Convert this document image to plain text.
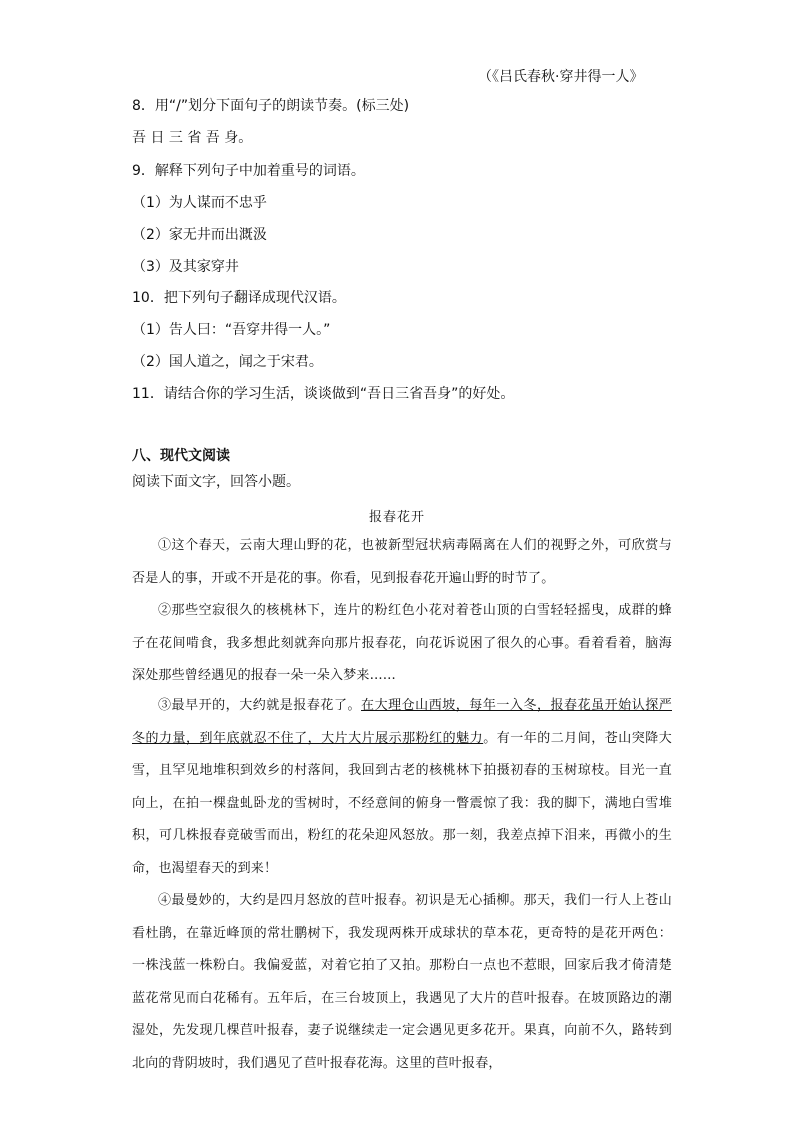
（《吕氏春秋·穿井得一人》
8．用“/”划分下面句子的朗读节奏。(标三处)
吾 日 三 省 吾 身。
9．解释下列句子中加着重号的词语。
（1）为人谋而不忠乎
（2）家无井而出溉汲
（3）及其家穿井
10．把下列句子翻译成现代汉语。
（1）告人曰：“吾穿井得一人。”
（2）国人道之，闻之于宋君。
11．请结合你的学习生活，谈谈做到“吾日三省吾身”的好处。
八、现代文阅读
阅读下面文字，回答小题。
报春花开
①这个春天，云南大理山野的花，也被新型冠状病毒隔离在人们的视野之外，可欣赏与否是人的事，开或不开是花的事。你看，见到报春花开遍山野的时节了。
②那些空寂很久的核桃林下，连片的粉红色小花对着苍山顶的白雪轻轻摇曳，成群的蜂子在花间啃食，我多想此刻就奔向那片报春花，向花诉说困了很久的心事。看着看着，脑海深处那些曾经遇见的报春一朵一朵入梦来……
③最早开的，大约就是报春花了。在大理仓山西坡，每年一入冬，报春花虽开始认探严冬的力量，到年底就忍不住了，大片大片展示那粉红的魅力。有一年的二月间，苍山突降大雪，且罕见地堆积到效乡的村落间，我回到古老的核桃林下拍摄初春的玉树琼枝。目光一直向上，在拍一棵盘虬卧龙的雪树时，不经意间的俯身一瞥震惊了我：我的脚下，满地白雪堆积，可几株报春竟破雪而出，粉红的花朵迎风怒放。那一刻，我差点掉下泪来，再微小的生命，也渴望春天的到来！
④最曼妙的，大约是四月怒放的苣叶报春。初识是无心插柳。那天，我们一行人上苍山看杜鹃，在靠近峰顶的常壮鹏树下，我发现两株开成球状的草本花，更奇特的是花开两色：一株浅蓝一株粉白。我偏爱蓝，对着它拍了又拍。那粉白一点也不惹眼，回家后我才倚清楚蓝花常见而白花稀有。五年后，在三台坡顶上，我遇见了大片的苣叶报春。在坡顶路边的潮湿处，先发现几棵苣叶报春，妻子说继续走一定会遇见更多花开。果真，向前不久，路转到北向的背阴坡时，我们遇见了苣叶报春花海。这里的苣叶报春，
